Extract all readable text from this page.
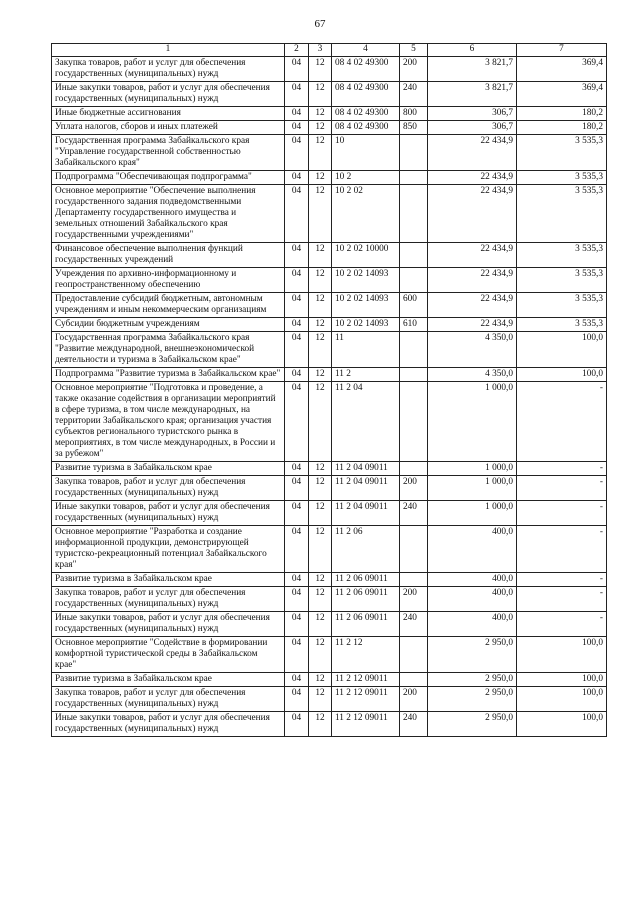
67
1	2	3	4	5	6	7
Закупка товаров, работ и услуг для обеспечения государственных (муниципальных) нужд	04	12	08 4 02 49300	200	3 821,7	369,4
Иные закупки товаров, работ и услуг для обеспечения государственных (муниципальных) нужд	04	12	08 4 02 49300	240	3 821,7	369,4
Иные бюджетные ассигнования	04	12	08 4 02 49300	800	306,7	180,2
Уплата налогов, сборов и иных платежей	04	12	08 4 02 49300	850	306,7	180,2
Государственная программа Забайкальского края "Управление государственной собственностью Забайкальского края"	04	12	10		22 434,9	3 535,3
Подпрограмма "Обеспечивающая подпрограмма"	04	12	10 2		22 434,9	3 535,3
Основное мероприятие "Обеспечение выполнения государственного задания подведомственными Департаменту государственного имущества и земельных отношений Забайкальского края государственными учреждениями"	04	12	10 2 02		22 434,9	3 535,3
Финансовое обеспечение выполнения функций государственных учреждений	04	12	10 2 02 10000		22 434,9	3 535,3
Учреждения по архивно-информационному и геопространственному обеспечению	04	12	10 2 02 14093		22 434,9	3 535,3
Предоставление субсидий бюджетным, автономным учреждениям и иным некоммерческим организациям	04	12	10 2 02 14093	600	22 434,9	3 535,3
Субсидии бюджетным учреждениям	04	12	10 2 02 14093	610	22 434,9	3 535,3
Государственная программа Забайкальского края "Развитие международной, внешнеэкономической деятельности и туризма в Забайкальском крае"	04	12	11		4 350,0	100,0
Подпрограмма "Развитие туризма в Забайкальском крае"	04	12	11 2		4 350,0	100,0
Основное мероприятие "Подготовка и проведение, а также оказание содействия в организации мероприятий в сфере туризма, в том числе международных, на территории Забайкальского края; организация участия субъектов регионального туристского рынка в мероприятиях, в том числе международных, в России и за рубежом"	04	12	11 2 04		1 000,0	-
Развитие туризма в Забайкальском крае	04	12	11 2 04 09011		1 000,0	-
Закупка товаров, работ и услуг для обеспечения государственных (муниципальных) нужд	04	12	11 2 04 09011	200	1 000,0	-
Иные закупки товаров, работ и услуг для обеспечения государственных (муниципальных) нужд	04	12	11 2 04 09011	240	1 000,0	-
Основное мероприятие "Разработка и создание информационной продукции, демонстрирующей туристско-рекреационный потенциал Забайкальского края"	04	12	11 2 06		400,0	-
Развитие туризма в Забайкальском крае	04	12	11 2 06 09011		400,0	-
Закупка товаров, работ и услуг для обеспечения государственных (муниципальных) нужд	04	12	11 2 06 09011	200	400,0	-
Иные закупки товаров, работ и услуг для обеспечения государственных (муниципальных) нужд	04	12	11 2 06 09011	240	400,0	-
Основное мероприятие "Содействие в формировании комфортной туристической среды в Забайкальском крае"	04	12	11 2 12		2 950,0	100,0
Развитие туризма в Забайкальском крае	04	12	11 2 12 09011		2 950,0	100,0
Закупка товаров, работ и услуг для обеспечения государственных (муниципальных) нужд	04	12	11 2 12 09011	200	2 950,0	100,0
Иные закупки товаров, работ и услуг для обеспечения государственных (муниципальных) нужд	04	12	11 2 12 09011	240	2 950,0	100,0
